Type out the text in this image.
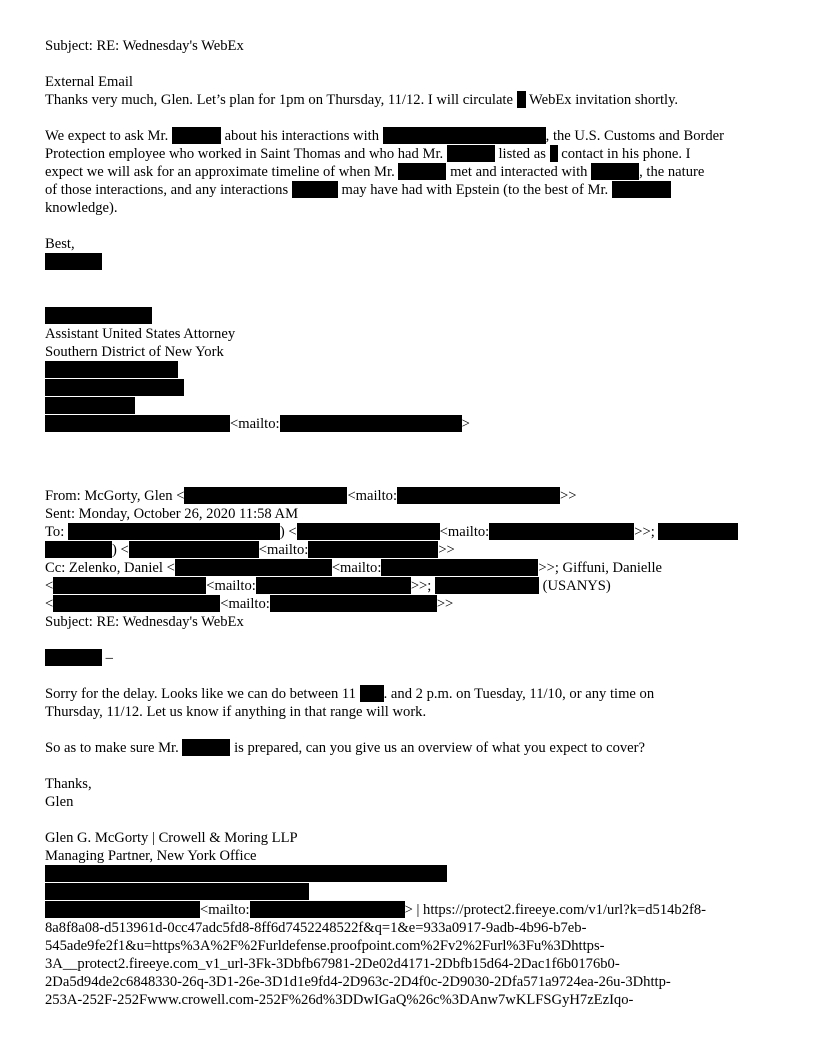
Subject: RE: Wednesday's WebEx
External Email
Thanks very much, Glen. Let’s plan for 1pm on Thursday, 11/12. I will circulate WebEx invitation shortly.
We expect to ask Mr.	about his interactions with	, the U.S. Customs and Border
Protection employee who worked in Saint Thomas and who had Mr.	listed as contact in his phone. I
expect we will ask for an approximate timeline of when Mr.	met and interacted with	, the nature
of those interactions, and any interactions	may have had with Epstein (to the best of Mr.
knowledge).
Best,
Assistant United States Attorney
Southern District of New York
<mailto:	>
From: McGorty, Glen <	<mailto:	>>
Sent: Monday, October 26, 2020 11:58 AM
To:	) <	<mailto:	>>;
) <	<mailto:	>>
Cc: Zelenko, Daniel <	<mailto:	>>; Giffuni, Danielle
<	<mailto:	>>;	(USANYS)
<	<mailto:	>>
Subject: RE: Wednesday's WebEx
–
Sorry for the delay. Looks like we can do between 11 . and 2 p.m. on Tuesday, 11/10, or any time on
Thursday, 11/12. Let us know if anything in that range will work.
So as to make sure Mr.	is prepared, can you give us an overview of what you expect to cover?
Thanks,
Glen
Glen G. McGorty | Crowell & Moring LLP
Managing Partner, New York Office
<mailto:	> | https://protect2.fireeye.com/v1/url?k=d514b2f8-
8a8f8a08-d513961d-0cc47adc5fd8-8ff6d7452248522f&q=1&e=933a0917-9adb-4b96-b7eb-
545ade9fe2f1&u=https%3A%2F%2Furldefense.proofpoint.com%2Fv2%2Furl%3Fu%3Dhttps-
3A__protect2.fireeye.com_v1_url-3Fk-3Dbfb67981-2De02d4171-2Dbfb15d64-2Dac1f6b0176b0-
2Da5d94de2c6848330-26q-3D1-26e-3D1d1e9fd4-2D963c-2D4f0c-2D9030-2Dfa571a9724ea-26u-3Dhttp-
253A-252F-252Fwww.crowell.com-252F%26d%3DDwIGaQ%26c%3DAnw7wKLFSGyH7zEzIqo-
